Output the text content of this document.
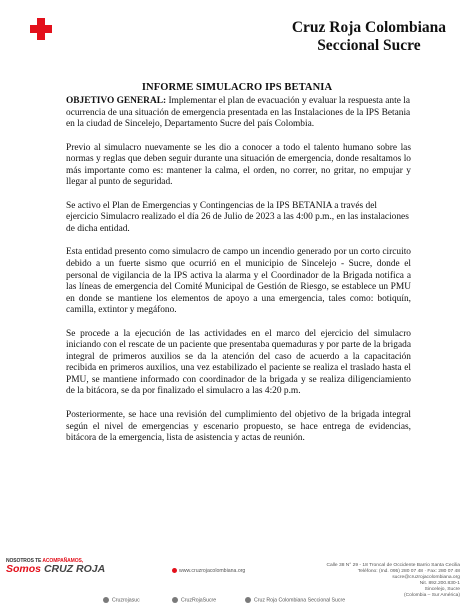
Cruz Roja Colombiana
Seccional Sucre
INFORME SIMULACRO IPS BETANIA

OBJETIVO GENERAL: Implementar el plan de evacuación y evaluar la respuesta ante la ocurrencia de una situación de emergencia presentada en las Instalaciones de la IPS Betania en la ciudad de Sincelejo, Departamento Sucre del país Colombia.

Previo al simulacro nuevamente se les dio a conocer a todo el talento humano sobre las normas y reglas que deben seguir durante una situación de emergencia, donde resaltamos lo más importante como es: mantener la calma, el orden, no correr, no gritar, no empujar y llegar al punto de seguridad.

Se activo el Plan de Emergencias y Contingencias de la IPS BETANIA a través del ejercicio Simulacro realizado el día 26 de Julio de 2023 a las 4:00 p.m., en las instalaciones de dicha entidad.

Esta entidad presento como simulacro de campo un incendio generado por un corto circuito debido a un fuerte sismo que ocurrió en el municipio de Sincelejo - Sucre, donde el personal de vigilancia de la IPS activa la alarma y el Coordinador de la Brigada notifica a las líneas de emergencia del Comité Municipal de Gestión de Riesgo, se establece un PMU en donde se mantiene los elementos de apoyo a una emergencia, tales como: botiquín, camilla, extintor y megáfono.

Se procede a la ejecución de las actividades en el marco del ejercicio del simulacro iniciando con el rescate de un paciente que presentaba quemaduras y por parte de la brigada integral de primeros auxilios se da la atención del caso de acuerdo a la capacitación recibida en primeros auxilios, una vez estabilizado el paciente se realiza el traslado hasta el PMU, se mantiene informado con coordinador de la brigada y se realiza diligenciamiento de la bitácora, se da por finalizado el simulacro a las 4:20 p.m.

Posteriormente, se hace una revisión del cumplimiento del objetivo de la brigada integral según el nivel de emergencias y escenario propuesto, se hace entrega de evidencias, bitácora de la emergencia, lista de asistencia y actas de reunión.

NOSOTROS TE ACOMPAÑAMOS,
Somos CRUZ ROJA	www.cruzrojacolombiana.org
Calle 38 N° 29 - 18 Troncal de Occidente Barrio Santa Cecilia
Teléfono: (Ind. 095) 280 07 48 · Fax: 280 07 48
sucre@cruzrojacolombiana.org
Nit. 892.200.830-1
Sincelejo, Sucre
(Colombia – Sur América)
Cruzrojasuc	CruzRojaSucre	Cruz Roja Colombiana Seccional Sucre
